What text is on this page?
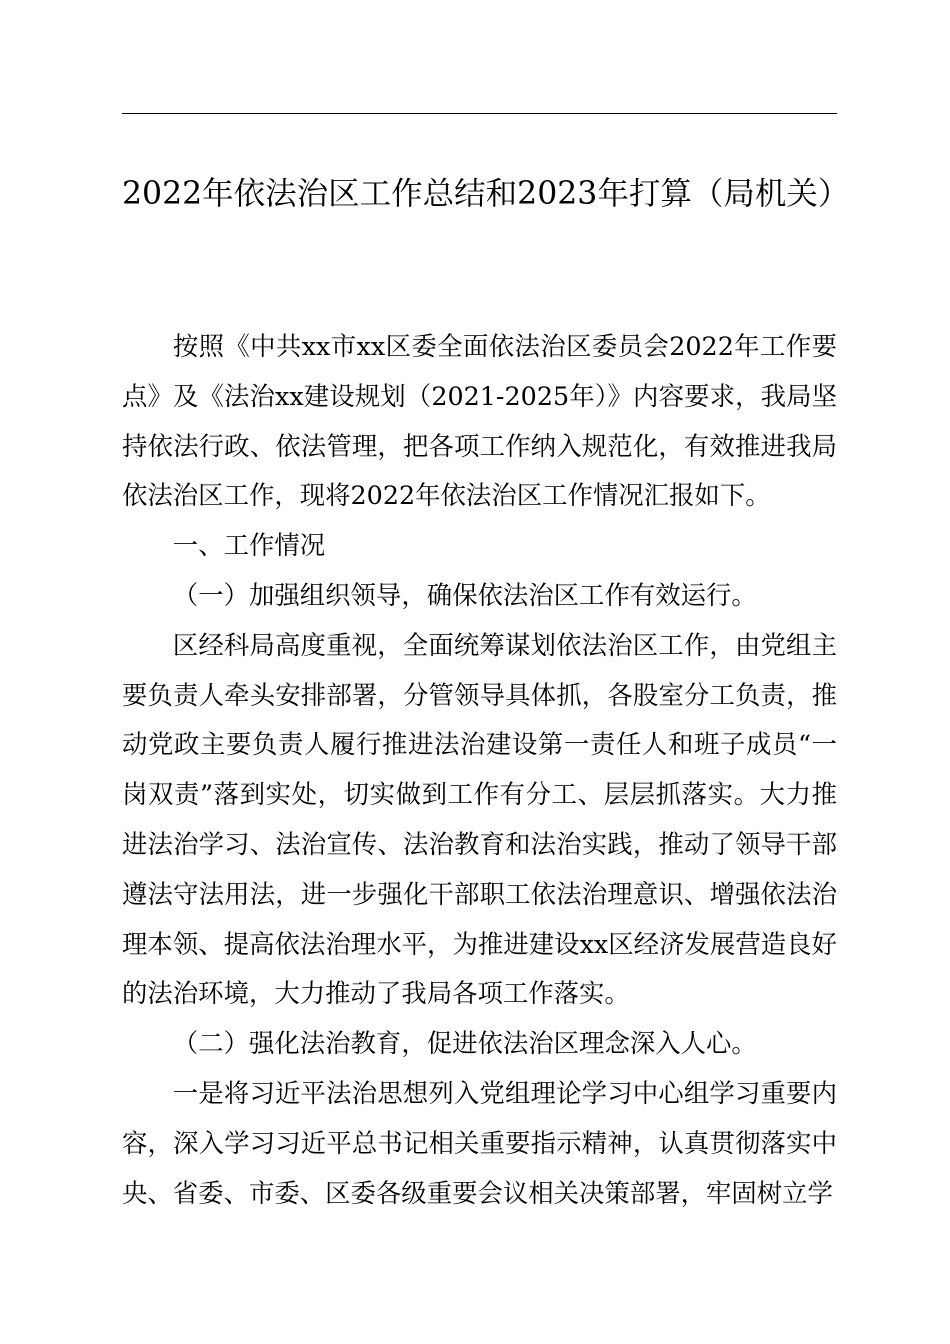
2022年依法治区工作总结和2023年打算（局机关）

按照《中共xx市xx区委全面依法治区委员会2022年工作要点》及《法治xx建设规划（2021-2025年）》内容要求，我局坚持依法行政、依法管理，把各项工作纳入规范化，有效推进我局依法治区工作，现将2022年依法治区工作情况汇报如下。

一、工作情况

（一）加强组织领导，确保依法治区工作有效运行。

区经科局高度重视，全面统筹谋划依法治区工作，由党组主要负责人牵头安排部署，分管领导具体抓，各股室分工负责，推动党政主要负责人履行推进法治建设第一责任人和班子成员“一岗双责”落到实处，切实做到工作有分工、层层抓落实。大力推进法治学习、法治宣传、法治教育和法治实践，推动了领导干部遵法守法用法，进一步强化干部职工依法治理意识、增强依法治理本领、提高依法治理水平，为推进建设xx区经济发展营造良好的法治环境，大力推动了我局各项工作落实。

（二）强化法治教育，促进依法治区理念深入人心。

一是将习近平法治思想列入党组理论学习中心组学习重要内容，深入学习习近平总书记相关重要指示精神，认真贯彻落实中央、省委、市委、区委各级重要会议相关决策部署，牢固树立学
